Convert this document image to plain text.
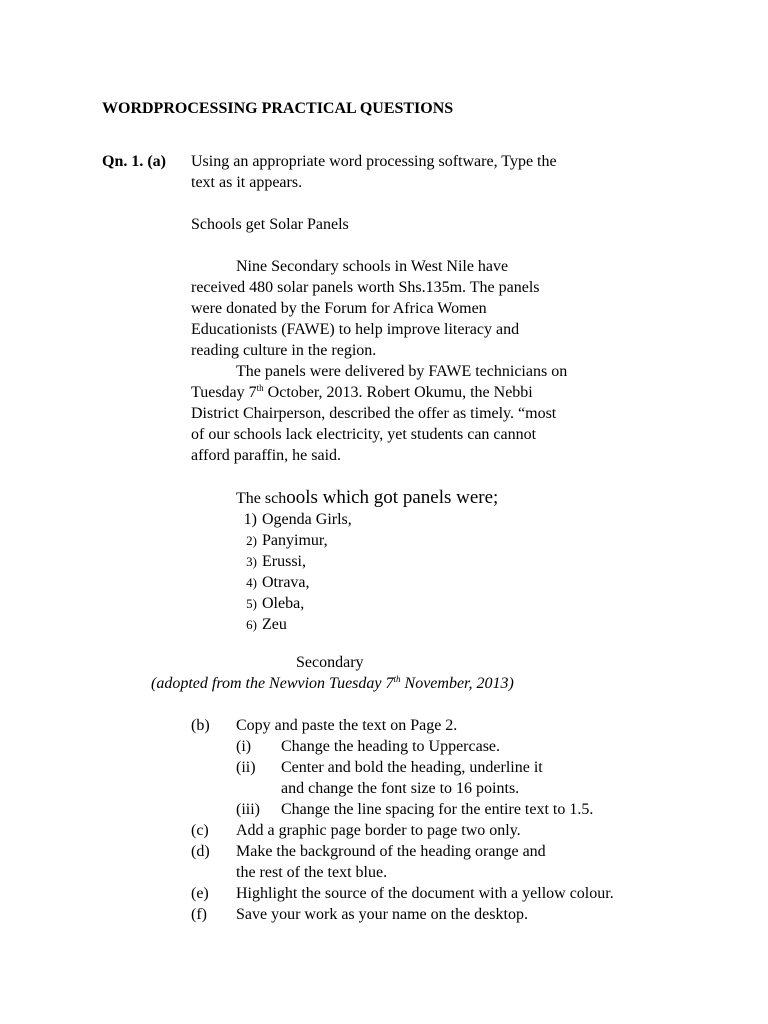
WORDPROCESSING PRACTICAL QUESTIONS
Qn. 1. (a) Using an appropriate word processing software, Type the
text as it appears.
Schools get Solar Panels
Nine Secondary schools in West Nile have
received 480 solar panels worth Shs.135m. The panels
were donated by the Forum for Africa Women
Educationists (FAWE) to help improve literacy and
reading culture in the region.
The panels were delivered by FAWE technicians on
Tuesday 7th October, 2013. Robert Okumu, the Nebbi
District Chairperson, described the offer as timely. “most
of our schools lack electricity, yet students can cannot
afford paraffin, he said.
The schools which got panels were;
1) Ogenda Girls,
2) Panyimur,
3) Erussi,
4) Otrava,
5) Oleba,
6) Zeu
Secondary
(adopted from the Newvion Tuesday 7th November, 2013)
(b) Copy and paste the text on Page 2.
(i) Change the heading to Uppercase.
(ii) Center and bold the heading, underline it
and change the font size to 16 points.
(iii) Change the line spacing for the entire text to 1.5.
(c) Add a graphic page border to page two only.
(d) Make the background of the heading orange and
the rest of the text blue.
(e) Highlight the source of the document with a yellow colour.
(f) Save your work as your name on the desktop.
